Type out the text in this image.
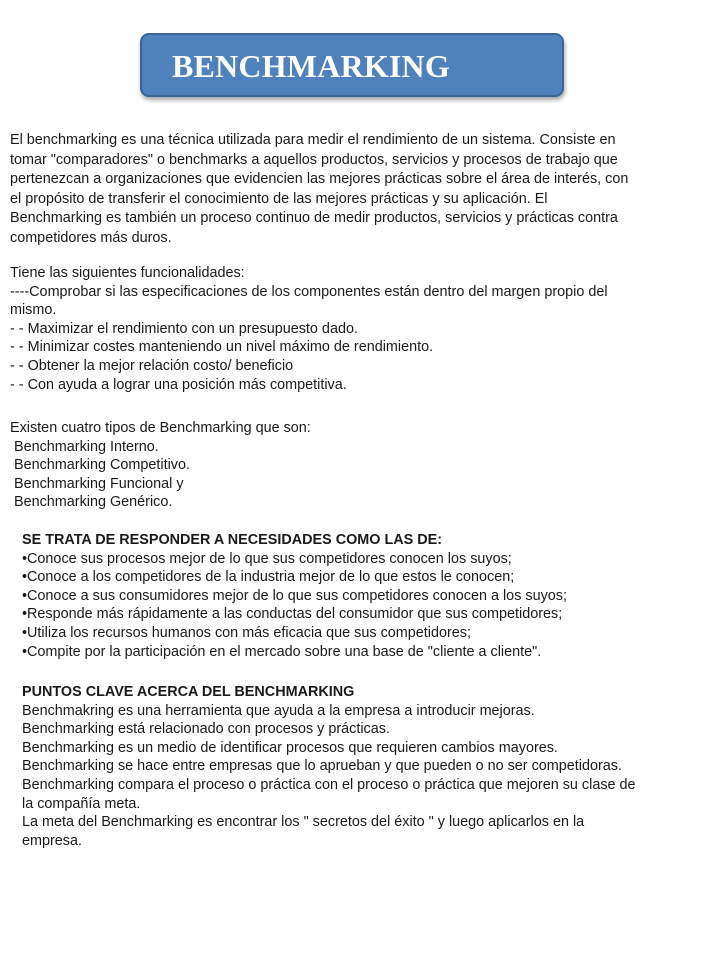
BENCHMARKING
El benchmarking es una técnica utilizada para medir el rendimiento de un sistema. Consiste en
tomar "comparadores" o benchmarks a aquellos productos, servicios y procesos de trabajo que
pertenezcan a organizaciones que evidencien las mejores prácticas sobre el área de interés, con
el propósito de transferir el conocimiento de las mejores prácticas y su aplicación. El
Benchmarking es también un proceso continuo de medir productos, servicios y prácticas contra
competidores más duros.
Tiene las siguientes funcionalidades:
----Comprobar si las especificaciones de los componentes están dentro del margen propio del
mismo.
- - Maximizar el rendimiento con un presupuesto dado.
- - Minimizar costes manteniendo un nivel máximo de rendimiento.
- - Obtener la mejor relación costo/ beneficio
- - Con ayuda a lograr una posición más competitiva.
Existen cuatro tipos de Benchmarking que son:
Benchmarking Interno.
Benchmarking Competitivo.
Benchmarking Funcional y
Benchmarking Genérico.
SE TRATA DE RESPONDER A NECESIDADES COMO LAS DE:
•Conoce sus procesos mejor de lo que sus competidores conocen los suyos;
•Conoce a los competidores de la industria mejor de lo que estos le conocen;
•Conoce a sus consumidores mejor de lo que sus competidores conocen a los suyos;
•Responde más rápidamente a las conductas del consumidor que sus competidores;
•Utiliza los recursos humanos con más eficacia que sus competidores;
•Compite por la participación en el mercado sobre una base de "cliente a cliente".
PUNTOS CLAVE ACERCA DEL BENCHMARKING
Benchmakring es una herramienta que ayuda a la empresa a introducir mejoras.
Benchmarking está relacionado con procesos y prácticas.
Benchmarking es un medio de identificar procesos que requieren cambios mayores.
Benchmarking se hace entre empresas que lo aprueban y que pueden o no ser competidoras.
Benchmarking compara el proceso o práctica con el proceso o práctica que mejoren su clase de
la compañía meta.
La meta del Benchmarking es encontrar los " secretos del éxito " y luego aplicarlos en la
empresa.
